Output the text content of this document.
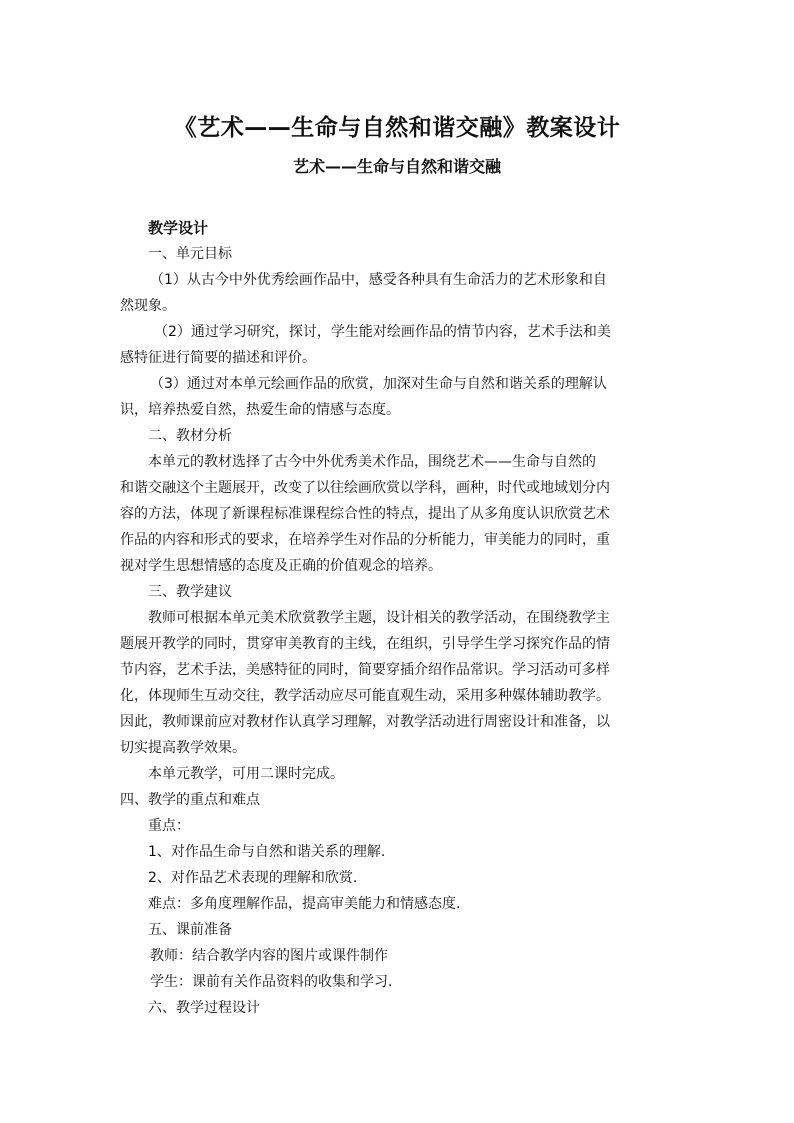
《艺术——生命与自然和谐交融》教案设计
艺术——生命与自然和谐交融
教学设计
一、单元目标
（1）从古今中外优秀绘画作品中，感受各种具有生命活力的艺术形象和自
然现象。
（2）通过学习研究，探讨，学生能对绘画作品的情节内容，艺术手法和美
感特征进行简要的描述和评价。
（3）通过对本单元绘画作品的欣赏，加深对生命与自然和谐关系的理解认
识，培养热爱自然，热爱生命的情感与态度。
二、教材分析
本单元的教材选择了古今中外优秀美术作品，围绕艺术——生命与自然的
和谐交融这个主题展开，改变了以往绘画欣赏以学科，画种，时代或地域划分内
容的方法，体现了新课程标准课程综合性的特点，提出了从多角度认识欣赏艺术
作品的内容和形式的要求，在培养学生对作品的分析能力，审美能力的同时，重
视对学生思想情感的态度及正确的价值观念的培养。
三、教学建议
教师可根据本单元美术欣赏教学主题，设计相关的教学活动，在围绕教学主
题展开教学的同时，贯穿审美教育的主线，在组织，引导学生学习探究作品的情
节内容，艺术手法，美感特征的同时，简要穿插介绍作品常识。学习活动可多样
化，体现师生互动交往，教学活动应尽可能直观生动，采用多种媒体辅助教学。
因此，教师课前应对教材作认真学习理解，对教学活动进行周密设计和准备，以
切实提高教学效果。
本单元教学，可用二课时完成。
四、教学的重点和难点
重点：
1、对作品生命与自然和谐关系的理解.
2、对作品艺术表现的理解和欣赏.
难点：多角度理解作品，提高审美能力和情感态度.
五、课前准备
教师：结合教学内容的图片或课件制作
学生：课前有关作品资料的收集和学习.
六、教学过程设计
